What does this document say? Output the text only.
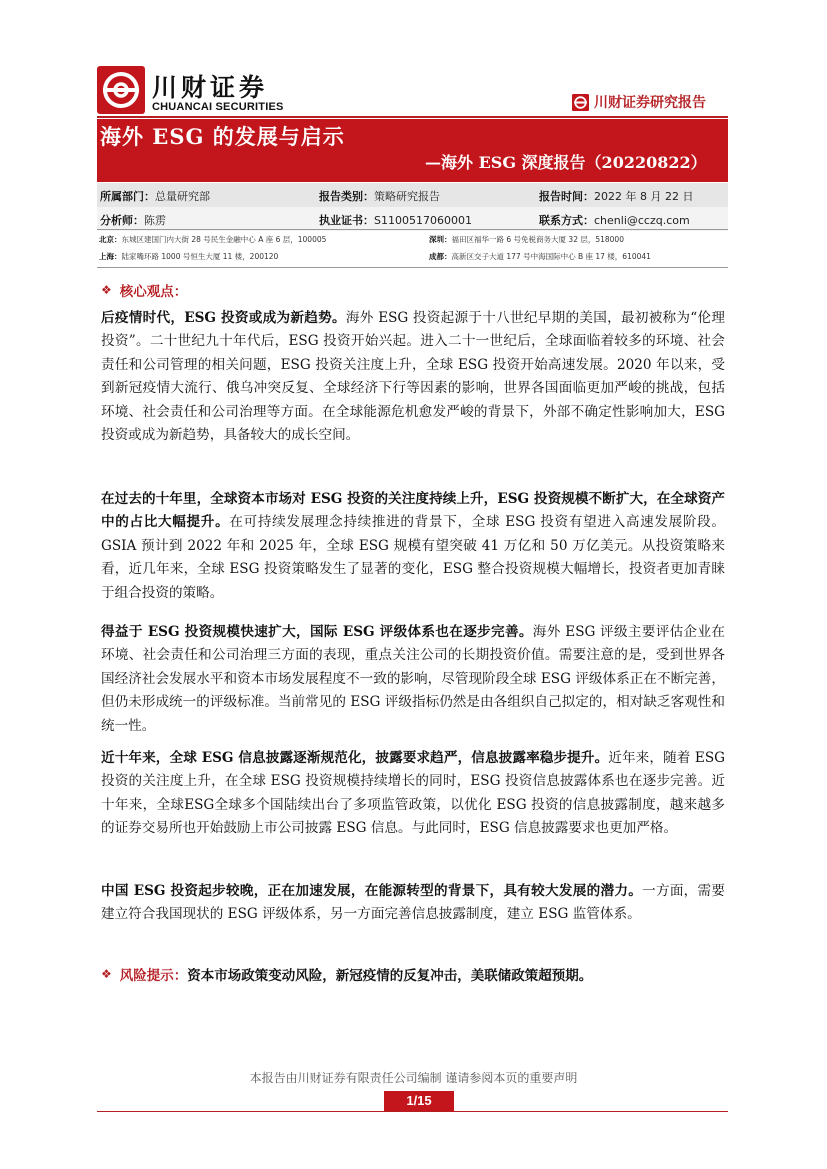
川财证券
CHUANCAI SECURITIES	川财证券研究报告
海外 ESG 的发展与启示
—海外 ESG 深度报告（20220822）
所属部门：总量研究部	报告类别：策略研究报告	报告时间：2022 年 8 月 22 日
分析师：陈雳	执业证书：S1100517060001	联系方式：chenli@cczq.com
北京：东城区建国门内大街 28 号民生金融中心 A 座 6 层，100005	深圳：福田区福华一路 6 号免税商务大厦 32 层，518000
上海：陆家嘴环路 1000 号恒生大厦 11 楼，200120	成都：高新区交子大道 177 号中海国际中心 B 座 17 楼，610041
❖ 核心观点：
后疫情时代，ESG 投资或成为新趋势。海外 ESG 投资起源于十八世纪早期的美国，最初被称为“伦理投资”。二十世纪九十年代后，ESG 投资开始兴起。进入二十一世纪后，全球面临着较多的环境、社会责任和公司管理的相关问题，ESG 投资关注度上升，全球 ESG 投资开始高速发展。2020 年以来，受到新冠疫情大流行、俄乌冲突反复、全球经济下行等因素的影响，世界各国面临更加严峻的挑战，包括环境、社会责任和公司治理等方面。在全球能源危机愈发严峻的背景下，外部不确定性影响加大，ESG 投资或成为新趋势，具备较大的成长空间。
在过去的十年里，全球资本市场对 ESG 投资的关注度持续上升，ESG 投资规模不断扩大，在全球资产中的占比大幅提升。在可持续发展理念持续推进的背景下，全球 ESG 投资有望进入高速发展阶段。GSIA 预计到 2022 年和 2025 年，全球 ESG 规模有望突破 41 万亿和 50 万亿美元。从投资策略来看，近几年来，全球 ESG 投资策略发生了显著的变化，ESG 整合投资规模大幅增长，投资者更加青睐于组合投资的策略。
得益于 ESG 投资规模快速扩大，国际 ESG 评级体系也在逐步完善。海外 ESG 评级主要评估企业在环境、社会责任和公司治理三方面的表现，重点关注公司的长期投资价值。需要注意的是，受到世界各国经济社会发展水平和资本市场发展程度不一致的影响，尽管现阶段全球 ESG 评级体系正在不断完善，但仍未形成统一的评级标准。当前常见的 ESG 评级指标仍然是由各组织自己拟定的，相对缺乏客观性和统一性。
近十年来，全球 ESG 信息披露逐渐规范化，披露要求趋严，信息披露率稳步提升。近年来，随着 ESG 投资的关注度上升，在全球 ESG 投资规模持续增长的同时，ESG 投资信息披露体系也在逐步完善。近十年来，全球ESG全球多个国陆续出台了多项监管政策，以优化 ESG 投资的信息披露制度，越来越多的证券交易所也开始鼓励上市公司披露 ESG 信息。与此同时，ESG 信息披露要求也更加严格。
中国 ESG 投资起步较晚，正在加速发展，在能源转型的背景下，具有较大发展的潜力。一方面，需要建立符合我国现状的 ESG 评级体系，另一方面完善信息披露制度，建立 ESG 监管体系。
❖ 风险提示：资本市场政策变动风险，新冠疫情的反复冲击，美联储政策超预期。
本报告由川财证券有限责任公司编制 谨请参阅本页的重要声明
1/15
